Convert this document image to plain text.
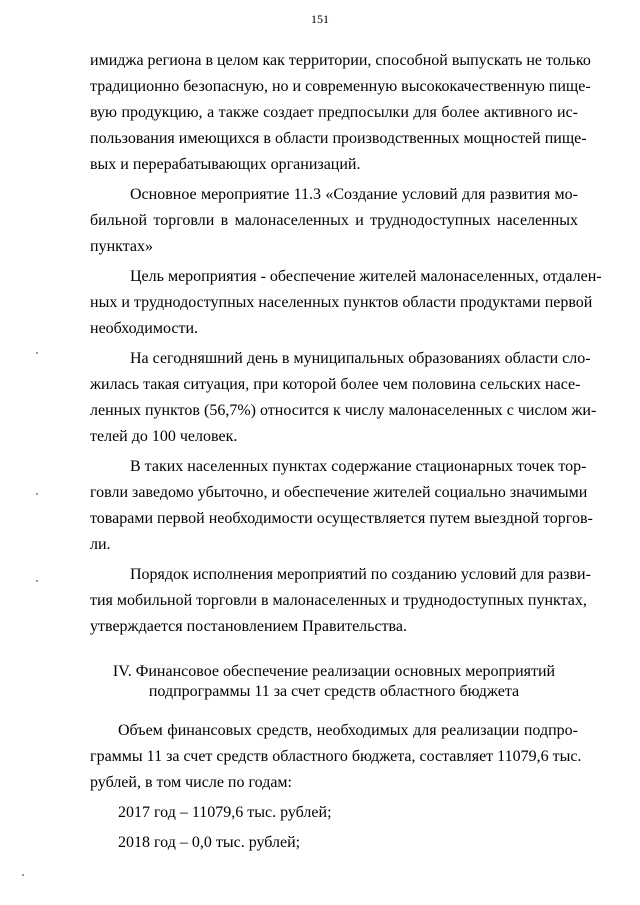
151
имиджа региона в целом как территории, способной выпускать не только
традиционно безопасную, но и современную высококачественную пище-
вую продукцию, а также создает предпосылки для более активного ис-
пользования имеющихся в области производственных мощностей пище-
вых и перерабатывающих организаций.
Основное мероприятие 11.3 «Создание условий для развития мо-
бильной торговли в малонаселенных и труднодоступных населенных
пунктах»
Цель мероприятия - обеспечение жителей малонаселенных, отдален-
ных и труднодоступных населенных пунктов области продуктами первой
необходимости.
На сегодняшний день в муниципальных образованиях области сло-
жилась такая ситуация, при которой более чем половина сельских насе-
ленных пунктов (56,7%) относится к числу малонаселенных с числом жи-
телей до 100 человек.
В таких населенных пунктах содержание стационарных точек тор-
говли заведомо убыточно, и обеспечение жителей социально значимыми
товарами первой необходимости осуществляется путем выездной торгов-
ли.
Порядок исполнения мероприятий по созданию условий для разви-
тия мобильной торговли в малонаселенных и труднодоступных пунктах,
утверждается постановлением Правительства.
IV. Финансовое обеспечение реализации основных мероприятий
подпрограммы 11 за счет средств областного бюджета
Объем финансовых средств, необходимых для реализации подпро-
граммы 11 за счет средств областного бюджета, составляет 11079,6 тыс.
рублей, в том числе по годам:
2017 год – 11079,6 тыс. рублей;
2018 год – 0,0 тыс. рублей;
